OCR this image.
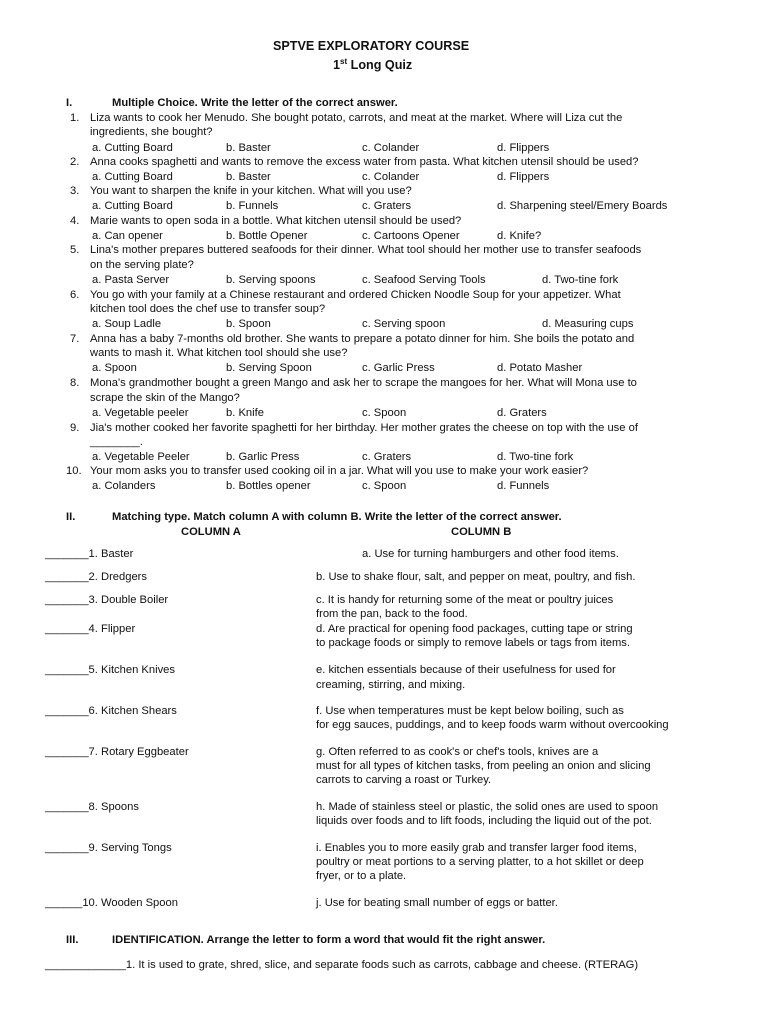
SPTVE EXPLORATORY COURSE
1st Long Quiz
I.	Multiple Choice. Write the letter of the correct answer.
1. Liza wants to cook her Menudo. She bought potato, carrots, and meat at the market. Where will Liza cut the
ingredients, she bought?
a. Cutting Board	b. Baster	c. Colander	d. Flippers
2. Anna cooks spaghetti and wants to remove the excess water from pasta. What kitchen utensil should be used?
a. Cutting Board	b. Baster	c. Colander	d. Flippers
3. You want to sharpen the knife in your kitchen. What will you use?
a. Cutting Board	b. Funnels	c. Graters	d. Sharpening steel/Emery Boards
4. Marie wants to open soda in a bottle. What kitchen utensil should be used?
a. Can opener	b. Bottle Opener	c. Cartoons Opener	d. Knife?
5. Lina's mother prepares buttered seafoods for their dinner. What tool should her mother use to transfer seafoods
on the serving plate?
a. Pasta Server	b. Serving spoons	c. Seafood Serving Tools	d. Two-tine fork
6. You go with your family at a Chinese restaurant and ordered Chicken Noodle Soup for your appetizer. What
kitchen tool does the chef use to transfer soup?
a. Soup Ladle	b. Spoon	c. Serving spoon	d. Measuring cups
7. Anna has a baby 7-months old brother. She wants to prepare a potato dinner for him. She boils the potato and
wants to mash it. What kitchen tool should she use?
a. Spoon	b. Serving Spoon	c. Garlic Press	d. Potato Masher
8. Mona's grandmother bought a green Mango and ask her to scrape the mangoes for her. What will Mona use to
scrape the skin of the Mango?
a. Vegetable peeler	b. Knife	c. Spoon	d. Graters
9. Jia's mother cooked her favorite spaghetti for her birthday. Her mother grates the cheese on top with the use of
________.
a. Vegetable Peeler	b. Garlic Press	c. Graters	d. Two-tine fork
10. Your mom asks you to transfer used cooking oil in a jar. What will you use to make your work easier?
a. Colanders	b. Bottles opener	c. Spoon	d. Funnels
II.	Matching type. Match column A with column B. Write the letter of the correct answer.
COLUMN A	COLUMN B
_______1. Baster	a. Use for turning hamburgers and other food items.
_______2. Dredgers	b. Use to shake flour, salt, and pepper on meat, poultry, and fish.
_______3. Double Boiler	c. It is handy for returning some of the meat or poultry juices
from the pan, back to the food.
_______4. Flipper	d. Are practical for opening food packages, cutting tape or string
to package foods or simply to remove labels or tags from items.
_______5. Kitchen Knives	e. kitchen essentials because of their usefulness for used for
creaming, stirring, and mixing.
_______6. Kitchen Shears	f. Use when temperatures must be kept below boiling, such as
for egg sauces, puddings, and to keep foods warm without overcooking
_______7. Rotary Eggbeater	g. Often referred to as cook's or chef's tools, knives are a
must for all types of kitchen tasks, from peeling an onion and slicing
carrots to carving a roast or Turkey.
_______8. Spoons	h. Made of stainless steel or plastic, the solid ones are used to spoon
liquids over foods and to lift foods, including the liquid out of the pot.
_______9. Serving Tongs	i. Enables you to more easily grab and transfer larger food items,
poultry or meat portions to a serving platter, to a hot skillet or deep
fryer, or to a plate.
______10. Wooden Spoon	j. Use for beating small number of eggs or batter.
III.	IDENTIFICATION. Arrange the letter to form a word that would fit the right answer.
_____________1. It is used to grate, shred, slice, and separate foods such as carrots, cabbage and cheese. (RTERAG)
